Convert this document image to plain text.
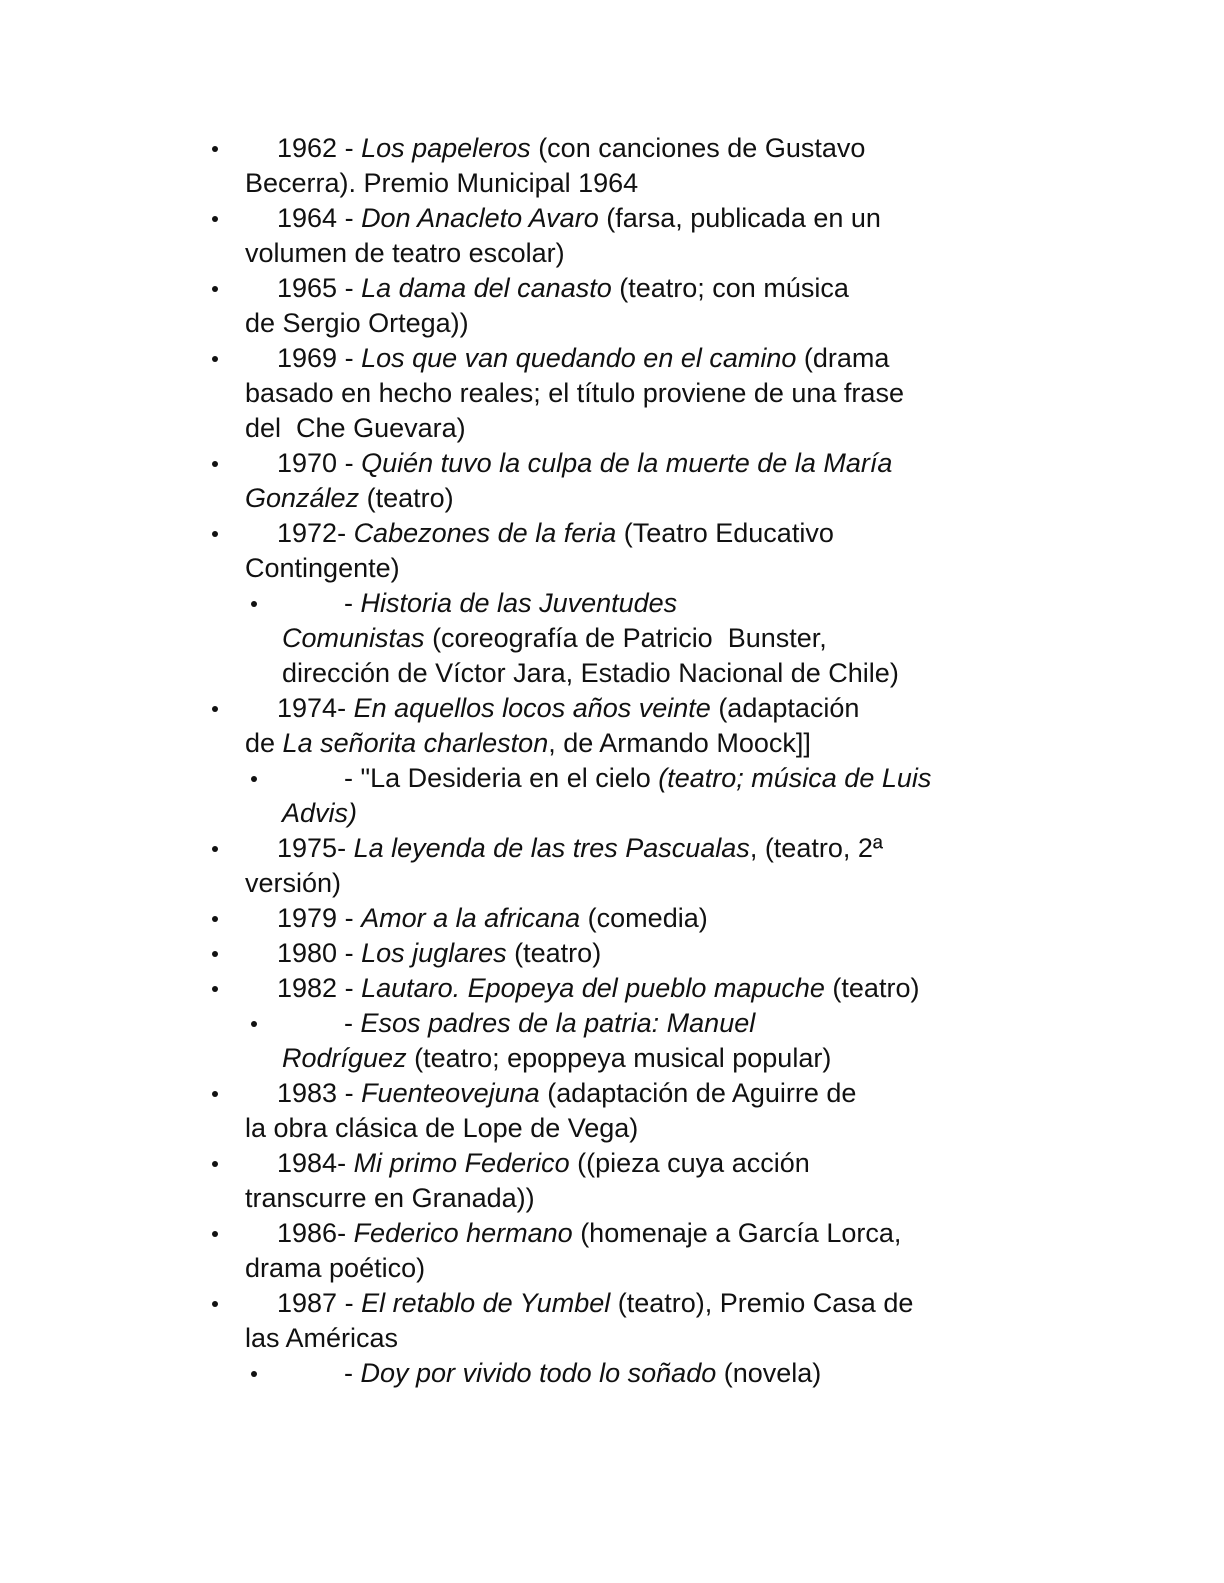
1962 - Los papeleros (con canciones de Gustavo
Becerra). Premio Municipal 1964
1964 - Don Anacleto Avaro (farsa, publicada en un
volumen de teatro escolar)
1965 - La dama del canasto (teatro; con música
de Sergio Ortega))
1969 - Los que van quedando en el camino (drama
basado en hecho reales; el título proviene de una frase
del  Che Guevara)
1970 - Quién tuvo la culpa de la muerte de la María
González (teatro)
1972- Cabezones de la feria (Teatro Educativo
Contingente)
- Historia de las Juventudes
Comunistas (coreografía de Patricio  Bunster,
dirección de Víctor Jara, Estadio Nacional de Chile)
1974- En aquellos locos años veinte (adaptación
de La señorita charleston, de Armando Moock]]
- "La Desideria en el cielo (teatro; música de Luis
Advis)
1975- La leyenda de las tres Pascualas, (teatro, 2ª
versión)
1979 - Amor a la africana (comedia)
1980 - Los juglares (teatro)
1982 - Lautaro. Epopeya del pueblo mapuche (teatro)
- Esos padres de la patria: Manuel
Rodríguez (teatro; epoppeya musical popular)
1983 - Fuenteovejuna (adaptación de Aguirre de
la obra clásica de Lope de Vega)
1984- Mi primo Federico ((pieza cuya acción
transcurre en Granada))
1986- Federico hermano (homenaje a García Lorca,
drama poético)
1987 - El retablo de Yumbel (teatro), Premio Casa de
las Américas
- Doy por vivido todo lo soñado (novela)
